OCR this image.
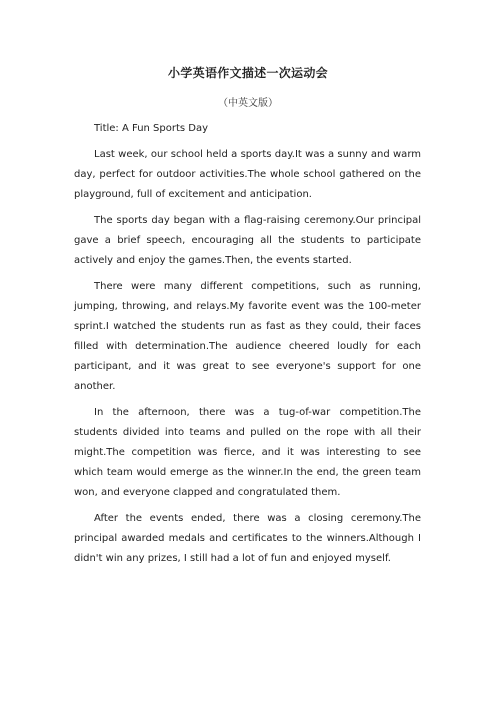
小学英语作文描述一次运动会
（中英文版）

Title: A Fun Sports Day

Last week, our school held a sports day.It was a sunny and warm day, perfect for outdoor activities.The whole school gathered on the playground, full of excitement and anticipation.

The sports day began with a flag-raising ceremony.Our principal gave a brief speech, encouraging all the students to participate actively and enjoy the games.Then, the events started.

There were many different competitions, such as running, jumping, throwing, and relays.My favorite event was the 100-meter sprint.I watched the students run as fast as they could, their faces filled with determination.The audience cheered loudly for each participant, and it was great to see everyone's support for one another.

In the afternoon, there was a tug-of-war competition.The students divided into teams and pulled on the rope with all their might.The competition was fierce, and it was interesting to see which team would emerge as the winner.In the end, the green team won, and everyone clapped and congratulated them.

After the events ended, there was a closing ceremony.The principal awarded medals and certificates to the winners.Although I didn't win any prizes, I still had a lot of fun and enjoyed myself.
